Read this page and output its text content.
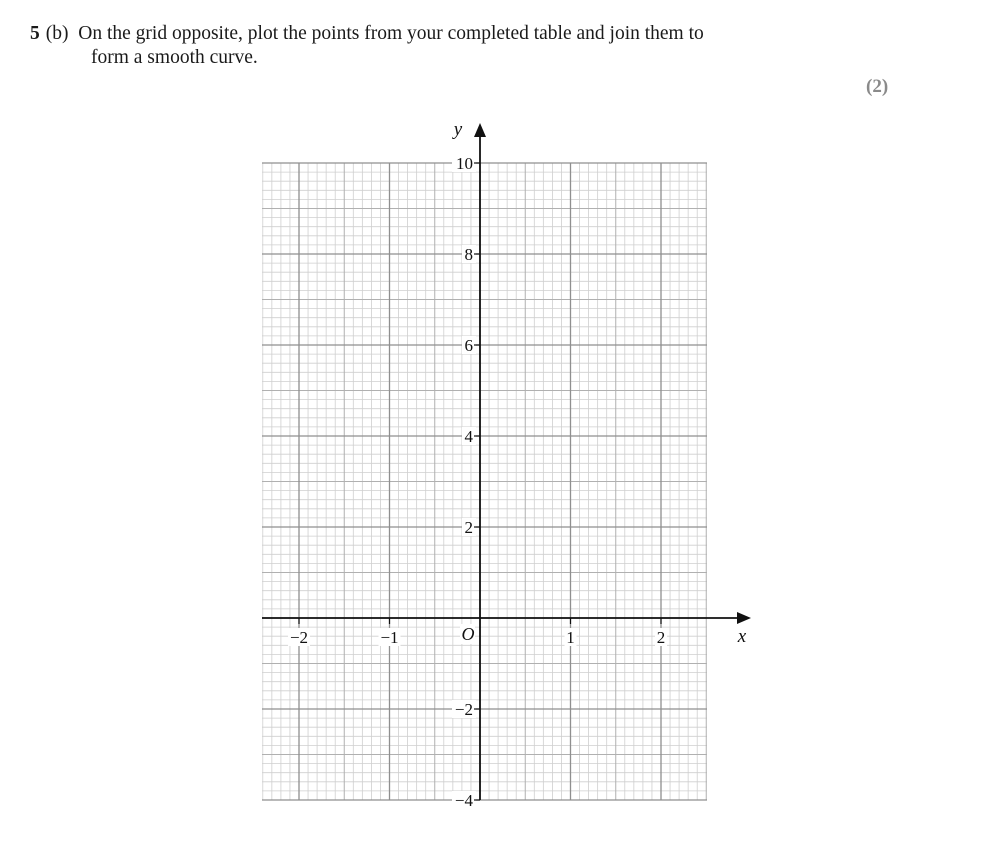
5 (b) On the grid opposite, plot the points from your completed table and join them to
form a smooth curve.
(2)
−4
−2
2
4
6
8
10
−2	−1	1	2
O
y
x
